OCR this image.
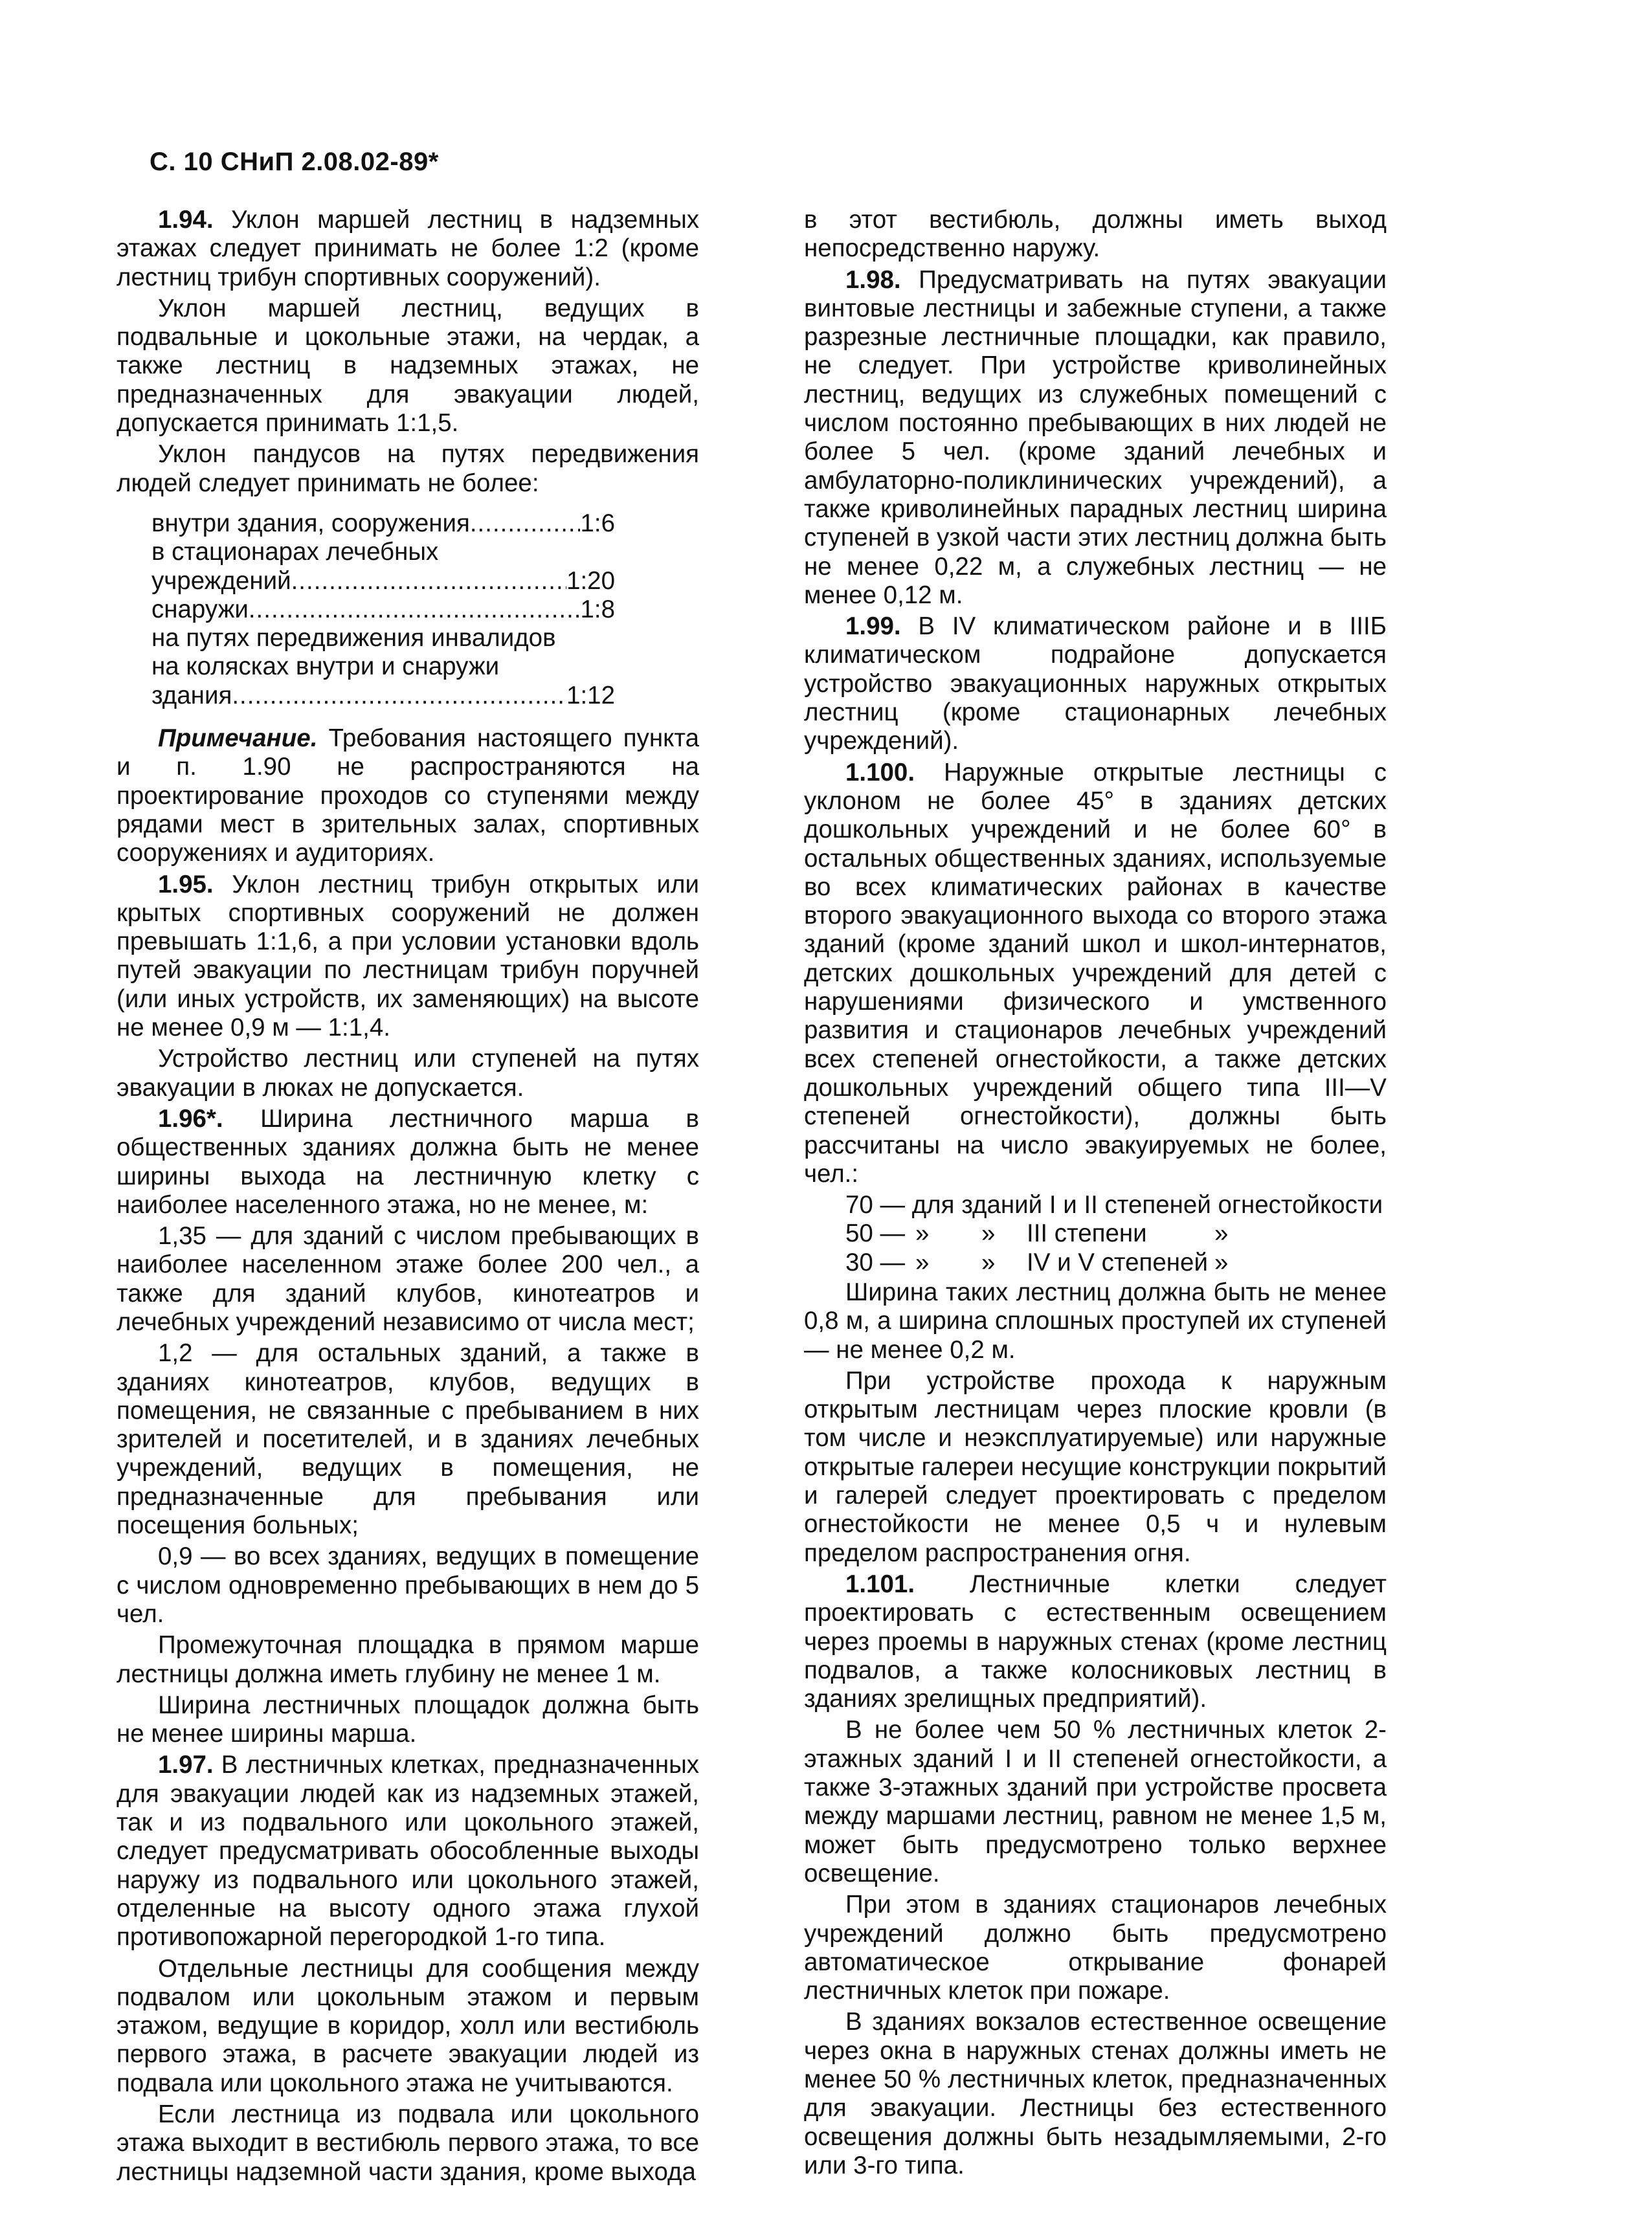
С. 10 СНиП 2.08.02-89*

1.94. Уклон маршей лестниц в надземных этажах следует принимать не более 1:2 (кроме лестниц трибун спортивных сооружений).

Уклон маршей лестниц, ведущих в подвальные и цокольные этажи, на чердак, а также лестниц в надземных этажах, не предназначенных для эвакуации людей, допускается принимать 1:1,5.

Уклон пандусов на путях передвижения людей следует принимать не более:

внутри здания, сооружения .....	1:6
в стационарах лечебных
учреждений .....	1:20
снаружи .....	1:8
на путях передвижения инвалидов
на колясках внутри и снаружи
здания .....	1:12

Примечание. Требования настоящего пункта и п. 1.90 не распространяются на проектирование проходов со ступенями между рядами мест в зрительных залах, спортивных сооружениях и аудиториях.

1.95. Уклон лестниц трибун открытых или крытых спортивных сооружений не должен превышать 1:1,6, а при условии установки вдоль путей эвакуации по лестницам трибун поручней (или иных устройств, их заменяющих) на высоте не менее 0,9 м — 1:1,4.

Устройство лестниц или ступеней на путях эвакуации в люках не допускается.

1.96*. Ширина лестничного марша в общественных зданиях должна быть не менее ширины выхода на лестничную клетку с наиболее населенного этажа, но не менее, м:

1,35 — для зданий с числом пребывающих в наиболее населенном этаже более 200 чел., а также для зданий клубов, кинотеатров и лечебных учреждений независимо от числа мест;

1,2 — для остальных зданий, а также в зданиях кинотеатров, клубов, ведущих в помещения, не связанные с пребыванием в них зрителей и посетителей, и в зданиях лечебных учреждений, ведущих в помещения, не предназначенные для пребывания или посещения больных;

0,9 — во всех зданиях, ведущих в помещение с числом одновременно пребывающих в нем до 5 чел.

Промежуточная площадка в прямом марше лестницы должна иметь глубину не менее 1 м.

Ширина лестничных площадок должна быть не менее ширины марша.

1.97. В лестничных клетках, предназначенных для эвакуации людей как из надземных этажей, так и из подвального или цокольного этажей, следует предусматривать обособленные выходы наружу из подвального или цокольного этажей, отделенные на высоту одного этажа глухой противопожарной перегородкой 1-го типа.

Отдельные лестницы для сообщения между подвалом или цокольным этажом и первым этажом, ведущие в коридор, холл или вестибюль первого этажа, в расчете эвакуации людей из подвала или цокольного этажа не учитываются.

Если лестница из подвала или цокольного этажа выходит в вестибюль первого этажа, то все лестницы надземной части здания, кроме выхода

в этот вестибюль, должны иметь выход непосредственно наружу.

1.98. Предусматривать на путях эвакуации винтовые лестницы и забежные ступени, а также разрезные лестничные площадки, как правило, не следует. При устройстве криволинейных лестниц, ведущих из служебных помещений с числом постоянно пребывающих в них людей не более 5 чел. (кроме зданий лечебных и амбулаторно-поликлинических учреждений), а также криволинейных парадных лестниц ширина ступеней в узкой части этих лестниц должна быть не менее 0,22 м, а служебных лестниц — не менее 0,12 м.

1.99. В IV климатическом районе и в IIIБ климатическом подрайоне допускается устройство эвакуационных наружных открытых лестниц (кроме стационарных лечебных учреждений).

1.100. Наружные открытые лестницы с уклоном не более 45° в зданиях детских дошкольных учреждений и не более 60° в остальных общественных зданиях, используемые во всех климатических районах в качестве второго эвакуационного выхода со второго этажа зданий (кроме зданий школ и школ-интернатов, детских дошкольных учреждений для детей с нарушениями физического и умственного развития и стационаров лечебных учреждений всех степеней огнестойкости, а также детских дошкольных учреждений общего типа III—V степеней огнестойкости), должны быть рассчитаны на число эвакуируемых не более, чел.:

70 — для зданий I и II степеней огнестойкости
50 — »	»	III степени	»
30 — »	»	IV и V степеней »

Ширина таких лестниц должна быть не менее 0,8 м, а ширина сплошных проступей их ступеней — не менее 0,2 м.

При устройстве прохода к наружным открытым лестницам через плоские кровли (в том числе и неэксплуатируемые) или наружные открытые галереи несущие конструкции покрытий и галерей следует проектировать с пределом огнестойкости не менее 0,5 ч и нулевым пределом распространения огня.

1.101. Лестничные клетки следует проектировать с естественным освещением через проемы в наружных стенах (кроме лестниц подвалов, а также колосниковых лестниц в зданиях зрелищных предприятий).

В не более чем 50 % лестничных клеток 2-этажных зданий I и II степеней огнестойкости, а также 3-этажных зданий при устройстве просвета между маршами лестниц, равном не менее 1,5 м, может быть предусмотрено только верхнее освещение.

При этом в зданиях стационаров лечебных учреждений должно быть предусмотрено автоматическое открывание фонарей лестничных клеток при пожаре.

В зданиях вокзалов естественное освещение через окна в наружных стенах должны иметь не менее 50 % лестничных клеток, предназначенных для эвакуации. Лестницы без естественного освещения должны быть незадымляемыми, 2-го или 3-го типа.
